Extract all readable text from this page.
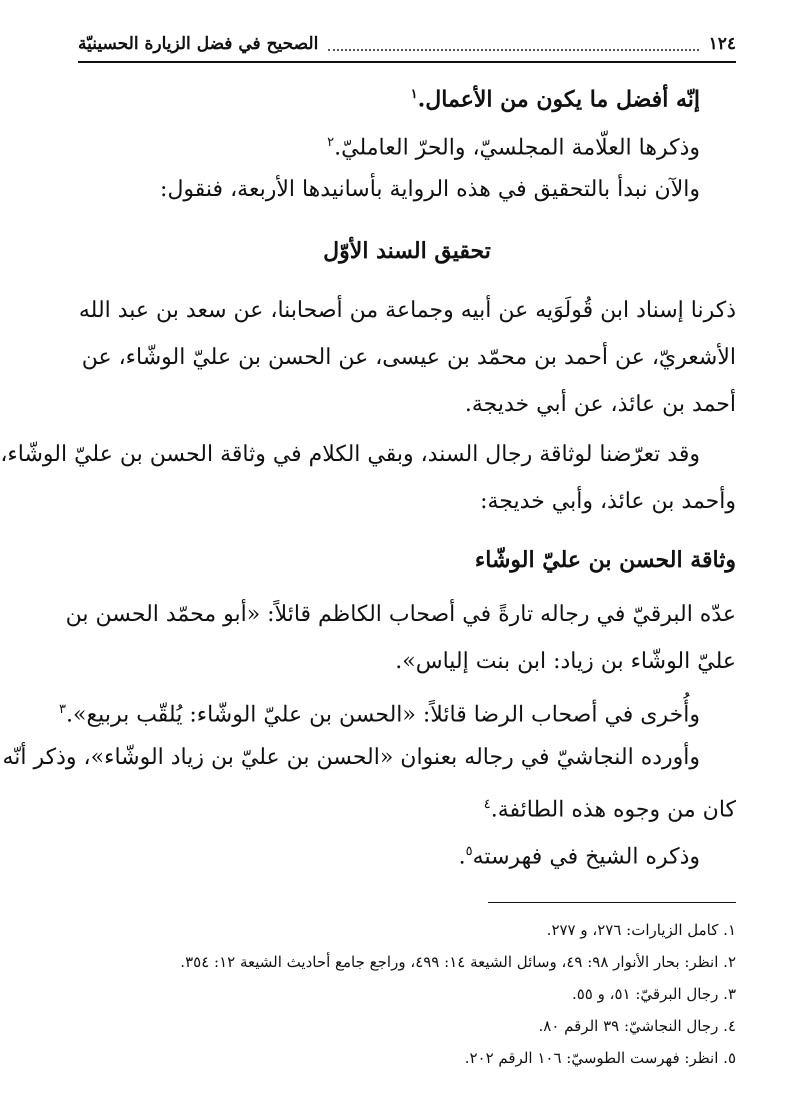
١٢٤
الصحيح في فضل الزيارة الحسينيّة
إنّه أفضل ما يكون من الأعمال.$^١$
وذكرها العلّامة المجلسيّ، والحرّ العامليّ.$^٢$
والآن نبدأ بالتحقيق في هذه الرواية بأسانيدها الأربعة، فنقول:
تحقيق السند الأوّل
ذكرنا إسناد ابن قُولَوَيه عن أبيه وجماعة من أصحابنا، عن سعد بن عبد الله
الأشعريّ، عن أحمد بن محمّد بن عيسى، عن الحسن بن عليّ الوشّاء، عن
أحمد بن عائذ، عن أبي خديجة.
وقد تعرّضنا لوثاقة رجال السند، وبقي الكلام في وثاقة الحسن بن عليّ الوشّاء،
وأحمد بن عائذ، وأبي خديجة:
وثاقة الحسن بن عليّ الوشّاء
عدّه البرقيّ في رجاله تارةً في أصحاب الكاظم قائلاً: «أبو محمّد الحسن بن
عليّ الوشّاء بن زياد: ابن بنت إلياس».
وأُخرى في أصحاب الرضا قائلاً: «الحسن بن عليّ الوشّاء: يُلقّب بربيع».$^٣$
وأورده النجاشيّ في رجاله بعنوان «الحسن بن عليّ بن زياد الوشّاء»، وذكر أنّه
كان من وجوه هذه الطائفة.$^٤$
وذكره الشيخ في فهرسته$^٥$.
١. كامل الزيارات: ٢٧٦، و ٢٧٧.
٢. انظر: بحار الأنوار ٩٨: ٤٩، وسائل الشيعة ١٤: ٤٩٩، وراجع جامع أحاديث الشيعة ١٢: ٣٥٤.
٣. رجال البرقيّ: ٥١، و ٥٥.
٤. رجال النجاشيّ: ٣٩ الرقم ٨٠.
٥. انظر: فهرست الطوسيّ: ١٠٦ الرقم ٢٠٢.
